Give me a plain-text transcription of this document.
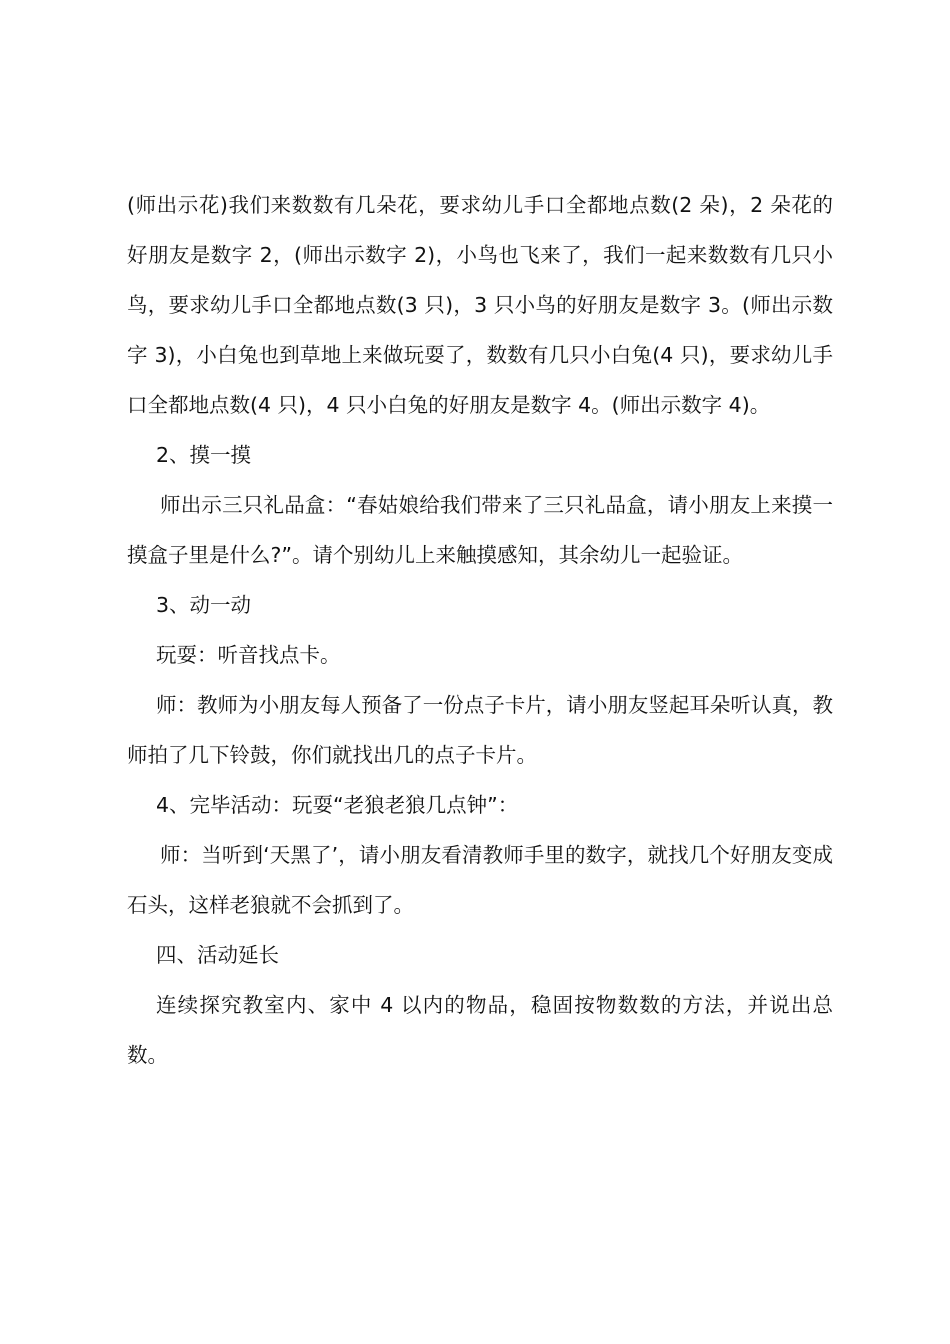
(师出示花)我们来数数有几朵花，要求幼儿手口全都地点数(2 朵)，2 朵花的好朋友是数字 2，(师出示数字 2)，小鸟也飞来了，我们一起来数数有几只小鸟，要求幼儿手口全都地点数(3 只)，3 只小鸟的好朋友是数字 3。(师出示数字 3)，小白兔也到草地上来做玩耍了，数数有几只小白兔(4 只)，要求幼儿手口全都地点数(4 只)，4 只小白兔的好朋友是数字 4。(师出示数字 4)。

2、摸一摸

师出示三只礼品盒：“春姑娘给我们带来了三只礼品盒，请小朋友上来摸一摸盒子里是什么?”。请个别幼儿上来触摸感知，其余幼儿一起验证。

3、动一动

玩耍：听音找点卡。

师：教师为小朋友每人预备了一份点子卡片，请小朋友竖起耳朵听认真，教师拍了几下铃鼓，你们就找出几的点子卡片。

4、完毕活动：玩耍“老狼老狼几点钟”：

师：当听到‘天黑了’，请小朋友看清教师手里的数字，就找几个好朋友变成石头，这样老狼就不会抓到了。

四、活动延长

连续探究教室内、家中 4 以内的物品，稳固按物数数的方法，并说出总数。
